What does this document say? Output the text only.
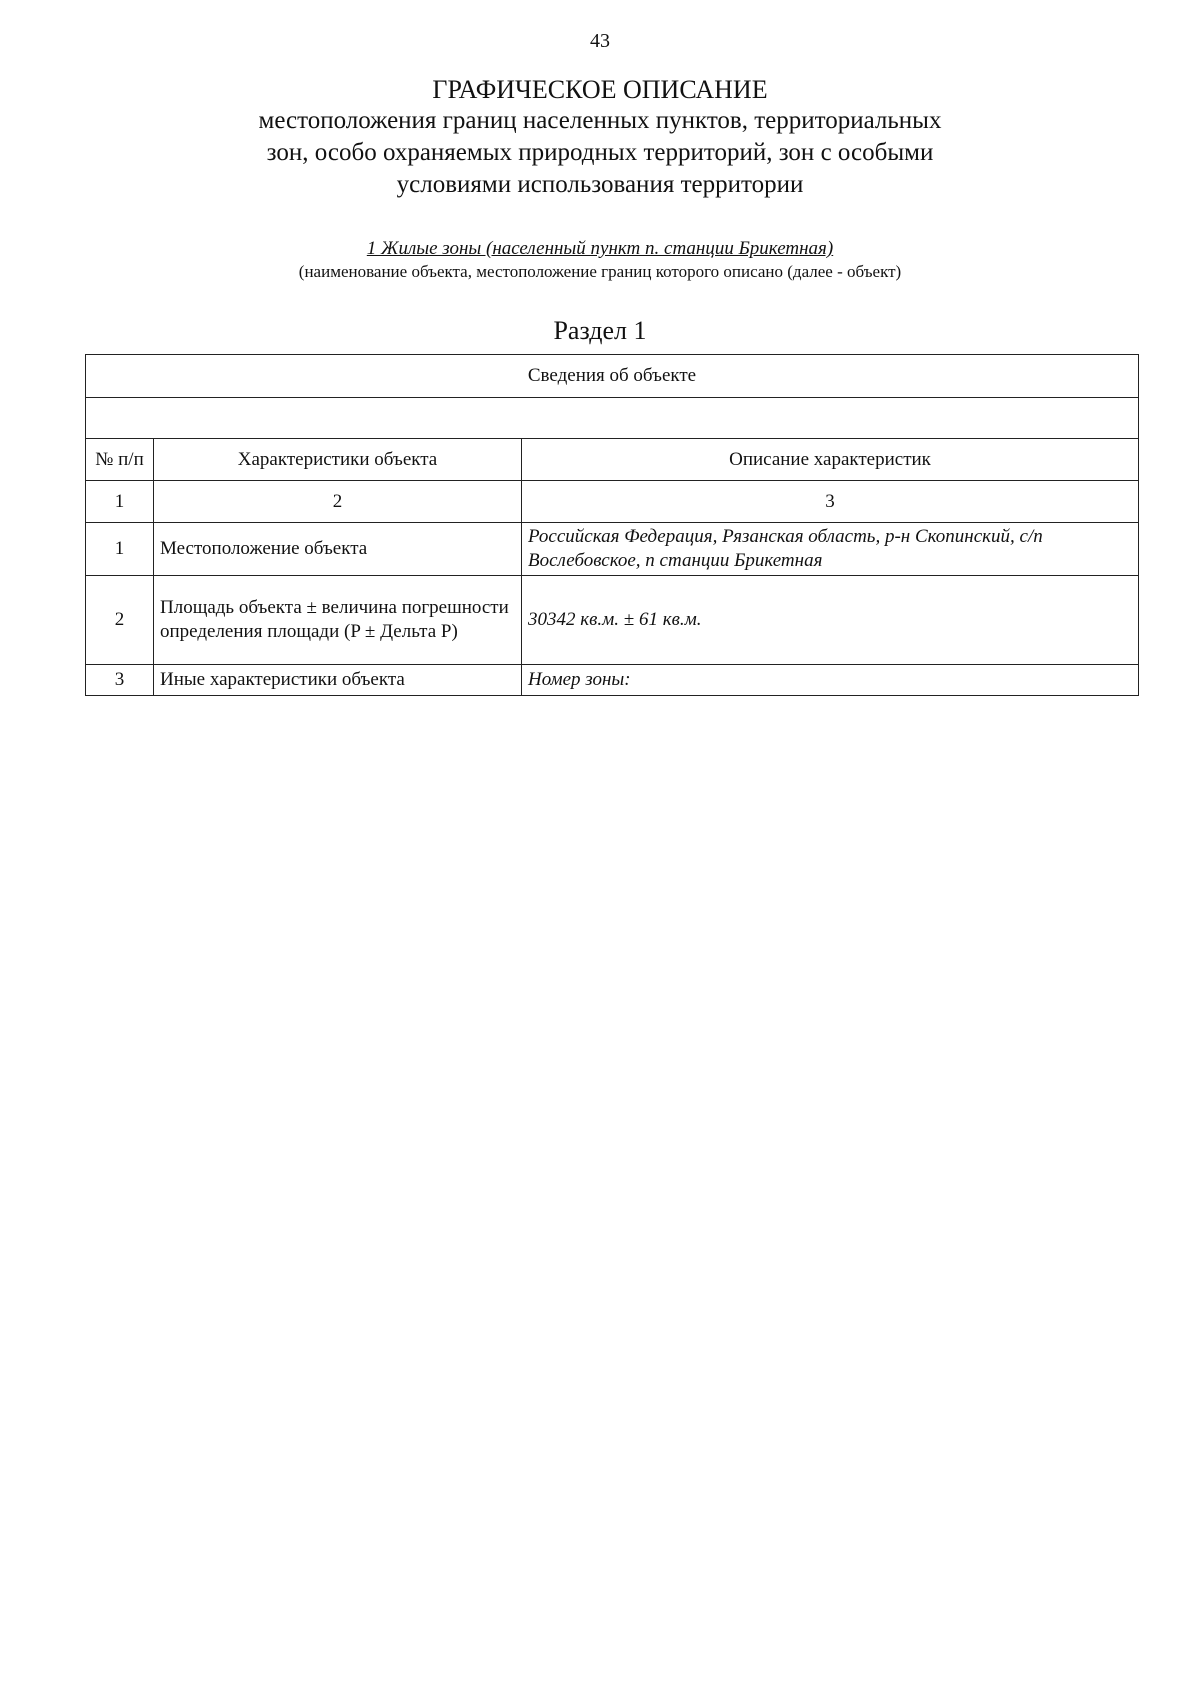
43
ГРАФИЧЕСКОЕ ОПИСАНИЕ
местоположения границ населенных пунктов, территориальных
зон, особо охраняемых природных территорий, зон с особыми
условиями использования территории
1 Жилые зоны (населенный пункт п. станции Брикетная)
(наименование объекта, местоположение границ которого описано (далее - объект)
Раздел 1
Сведения об объекте		

№ п/п	Характеристики объекта	Описание характеристик
1	2	3
1	Местоположение объекта	Российская Федерация, Рязанская область, р-н Скопинский, с/п Вослебовское, п станции Брикетная
2	Площадь объекта ± величина погрешности определения площади (P ± Дельта P)	30342 кв.м. ± 61 кв.м.
3	Иные характеристики объекта	Номер зоны:
